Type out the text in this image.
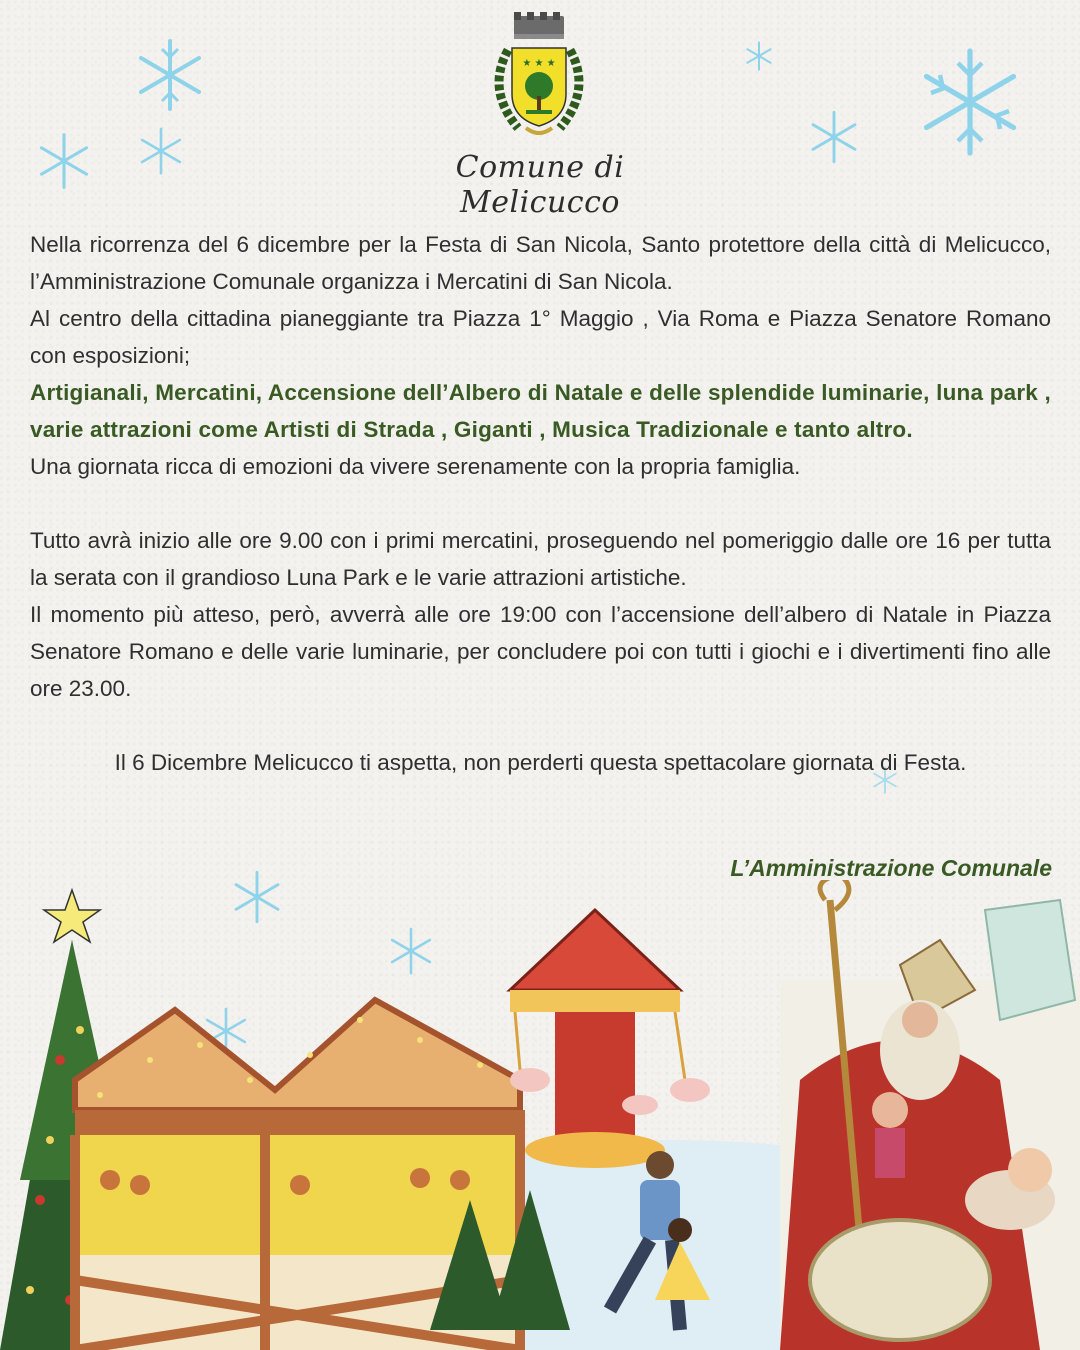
★ ★ ★
Comune di Melicucco

Nella ricorrenza del 6 dicembre per la Festa di San Nicola, Santo protettore della città di Melicucco, l’Amministrazione Comunale organizza i Mercatini di San Nicola.

Al centro della cittadina pianeggiante tra Piazza 1° Maggio , Via Roma e Piazza Senatore Romano con esposizioni;

Artigianali, Mercatini, Accensione dell’Albero di Natale e delle splendide luminarie, luna park , varie attrazioni come Artisti di Strada , Giganti , Musica Tradizionale e tanto altro.

Una giornata ricca di emozioni da vivere serenamente con la propria famiglia.

Tutto avrà inizio alle ore 9.00 con i primi mercatini, proseguendo nel pomeriggio dalle ore 16 per tutta la serata con il grandioso Luna Park e le varie attrazioni artistiche.

Il momento più atteso, però, avverrà alle ore 19:00 con l’accensione dell’albero di Natale in Piazza Senatore Romano e delle varie luminarie, per concludere poi con tutti i giochi e i divertimenti fino alle ore 23.00.

Il 6 Dicembre Melicucco ti aspetta, non perderti questa spettacolare giornata di Festa.

L’Amministrazione Comunale
